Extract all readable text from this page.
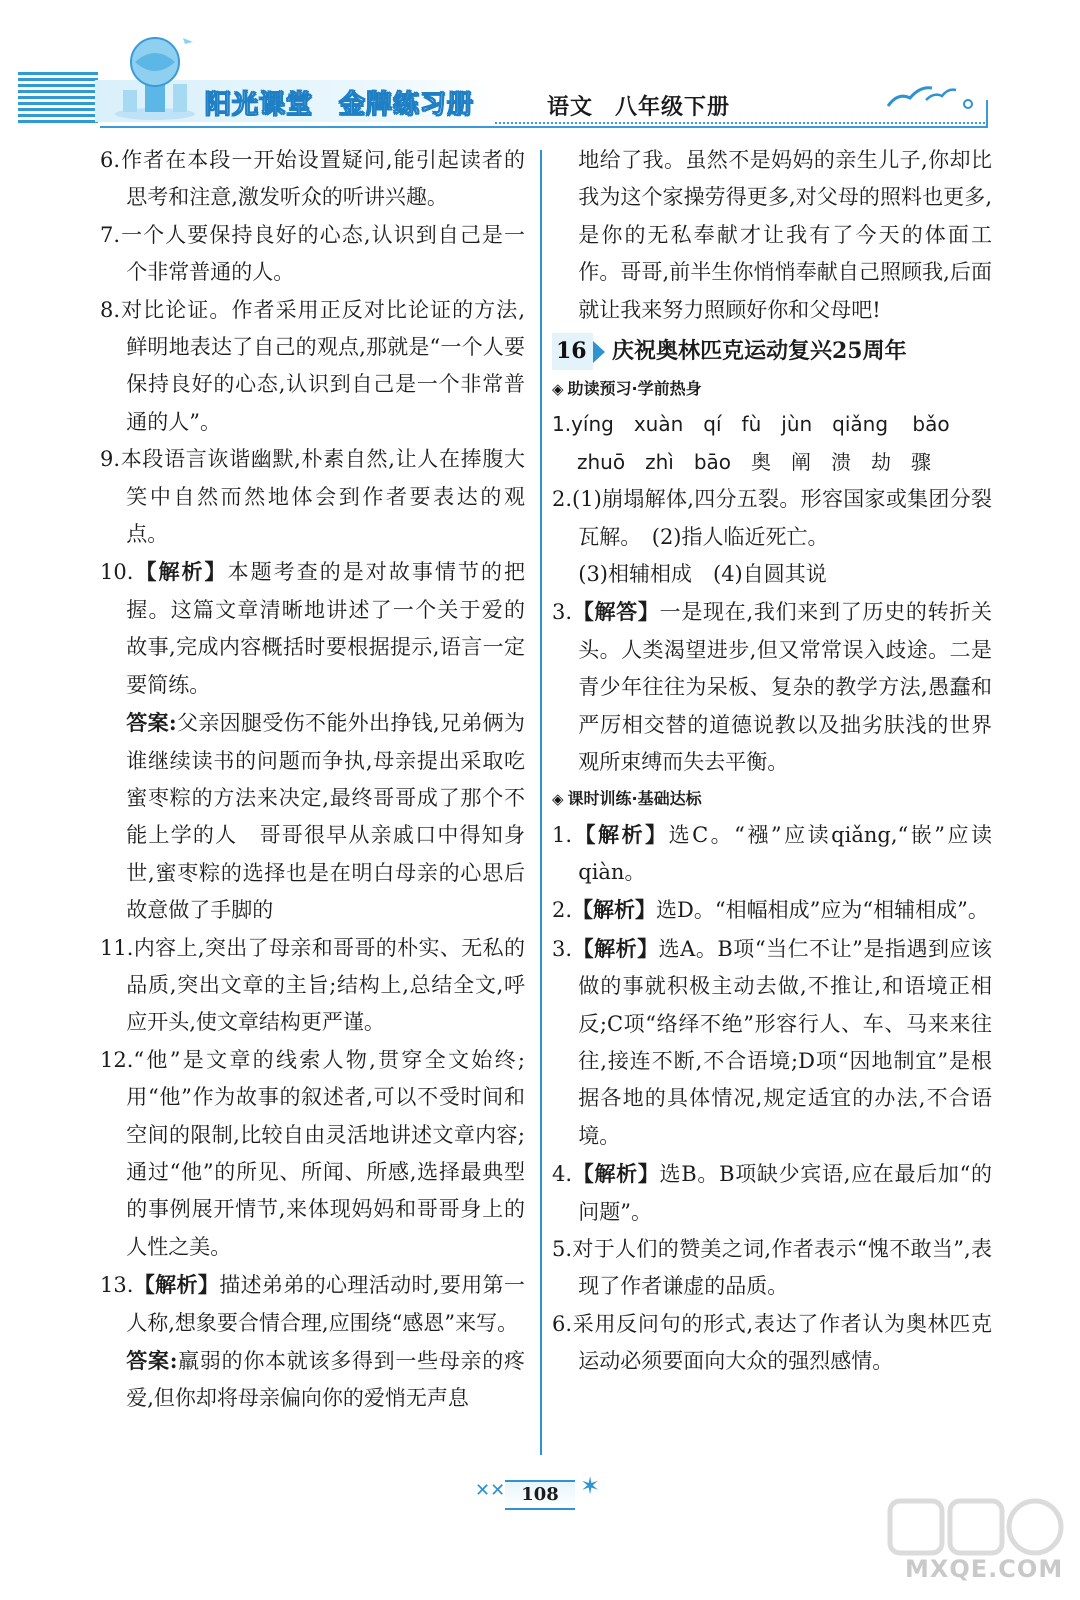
阳光课堂 金牌练习册	语文 八年级下册
6.作者在本段一开始设置疑问,能引起读者的思考和注意,激发听众的听讲兴趣。
7.一个人要保持良好的心态,认识到自己是一个非常普通的人。
8.对比论证。作者采用正反对比论证的方法,鲜明地表达了自己的观点,那就是“一个人要保持良好的心态,认识到自己是一个非常普通的人”。
9.本段语言诙谐幽默,朴素自然,让人在捧腹大笑中自然而然地体会到作者要表达的观点。
10.【解析】本题考查的是对故事情节的把握。这篇文章清晰地讲述了一个关于爱的故事,完成内容概括时要根据提示,语言一定要简练。
答案:父亲因腿受伤不能外出挣钱,兄弟俩为谁继续读书的问题而争执,母亲提出采取吃蜜枣粽的方法来决定,最终哥哥成了那个不能上学的人　哥哥很早从亲戚口中得知身世,蜜枣粽的选择也是在明白母亲的心思后故意做了手脚的
11.内容上,突出了母亲和哥哥的朴实、无私的品质,突出文章的主旨;结构上,总结全文,呼应开头,使文章结构更严谨。
12.“他”是文章的线索人物,贯穿全文始终;用“他”作为故事的叙述者,可以不受时间和空间的限制,比较自由灵活地讲述文章内容;通过“他”的所见、所闻、所感,选择最典型的事例展开情节,来体现妈妈和哥哥身上的人性之美。
13.【解析】描述弟弟的心理活动时,要用第一人称,想象要合情合理,应围绕“感恩”来写。
答案:羸弱的你本就该多得到一些母亲的疼爱,但你却将母亲偏向你的爱悄无声息
地给了我。虽然不是妈妈的亲生儿子,你却比我为这个家操劳得更多,对父母的照料也更多,是你的无私奉献才让我有了今天的体面工作。哥哥,前半生你悄悄奉献自己照顾我,后面就让我来努力照顾好你和父母吧!
16 庆祝奥林匹克运动复兴25周年
◈ 助读预习·学前热身
1.yíng　xuàn　qí　fù　jùn　qiǎng bǎo
zhuō　zhì　bāo　奥　阐　溃　劫　骤
2.(1)崩塌解体,四分五裂。形容国家或集团分裂瓦解。　(2)指人临近死亡。
(3)相辅相成　(4)自圆其说
3.【解答】一是现在,我们来到了历史的转折关头。人类渴望进步,但又常常误入歧途。二是青少年往往为呆板、复杂的教学方法,愚蠢和严厉相交替的道德说教以及拙劣肤浅的世界观所束缚而失去平衡。
◈ 课时训练·基础达标
1.【解析】选C。“襁”应读qiǎng,“嵌”应读qiàn。
2.【解析】选D。“相幅相成”应为“相辅相成”。
3.【解析】选A。B项“当仁不让”是指遇到应该做的事就积极主动去做,不推让,和语境正相反;C项“络绎不绝”形容行人、车、马来来往往,接连不断,不合语境;D项“因地制宜”是根据各地的具体情况,规定适宜的办法,不合语境。
4.【解析】选B。B项缺少宾语,应在最后加“的问题”。
5.对于人们的赞美之词,作者表示“愧不敢当”,表现了作者谦虚的品质。
6.采用反问句的形式,表达了作者认为奥林匹克运动必须要面向大众的强烈感情。
✕✕ 108 ✶
MXQE.COM
